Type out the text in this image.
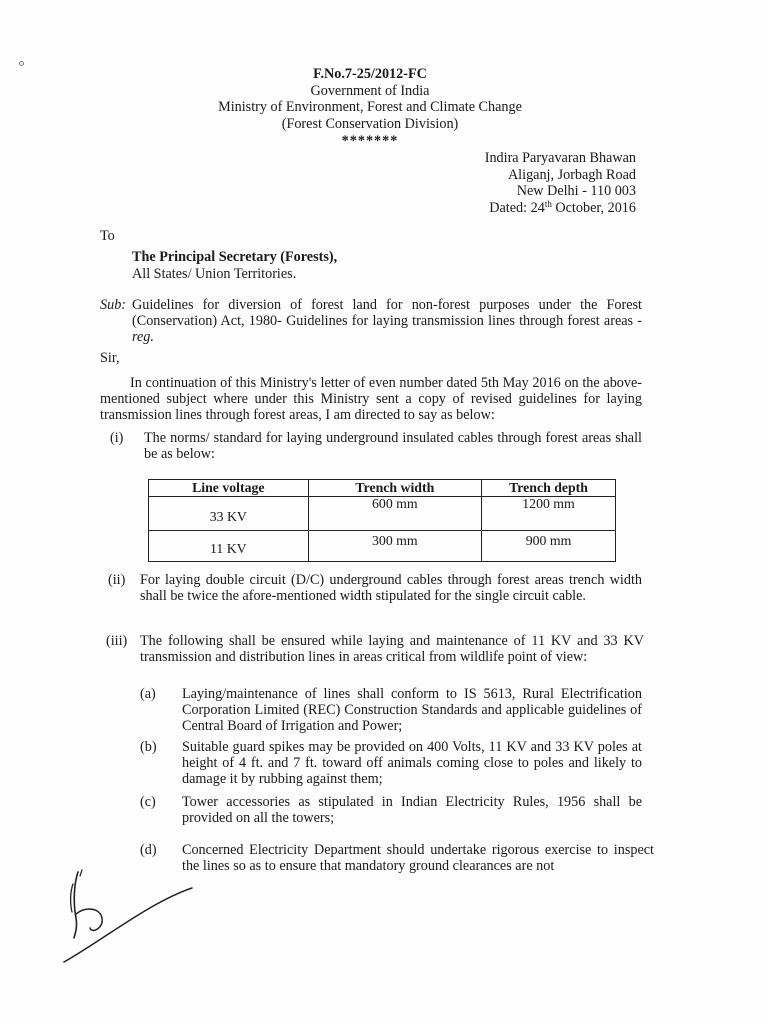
F.No.7-25/2012-FC
Government of India
Ministry of Environment, Forest and Climate Change
(Forest Conservation Division)
*******
Indira Paryavaran Bhawan
Aliganj, Jorbagh Road
New Delhi - 110 003
Dated: 24th October, 2016
To
The Principal Secretary (Forests),
All States/ Union Territories.
Sub: Guidelines for diversion of forest land for non-forest purposes under the Forest (Conservation) Act, 1980- Guidelines for laying transmission lines through forest areas - reg.
Sir,
In continuation of this Ministry's letter of even number dated 5th May 2016 on the above-mentioned subject where under this Ministry sent a copy of revised guidelines for laying transmission lines through forest areas, I am directed to say as below:
(i)	The norms/ standard for laying underground insulated cables through forest areas shall be as below:
Line voltage	Trench width	Trench depth
33 KV	600 mm	1200 mm
11 KV	300 mm	900 mm
(ii)	For laying double circuit (D/C) underground cables through forest areas trench width shall be twice the afore-mentioned width stipulated for the single circuit cable.
(iii) The following shall be ensured while laying and maintenance of 11 KV and 33 KV transmission and distribution lines in areas critical from wildlife point of view:
(a)	Laying/maintenance of lines shall conform to IS 5613, Rural Electrification Corporation Limited (REC) Construction Standards and applicable guidelines of Central Board of Irrigation and Power;
(b)	Suitable guard spikes may be provided on 400 Volts, 11 KV and 33 KV poles at height of 4 ft. and 7 ft. toward off animals coming close to poles and likely to damage it by rubbing against them;
(c)	Tower accessories as stipulated in Indian Electricity Rules, 1956 shall be provided on all the towers;
(d)	Concerned Electricity Department should undertake rigorous exercise to inspect the lines so as to ensure that mandatory ground clearances are not
